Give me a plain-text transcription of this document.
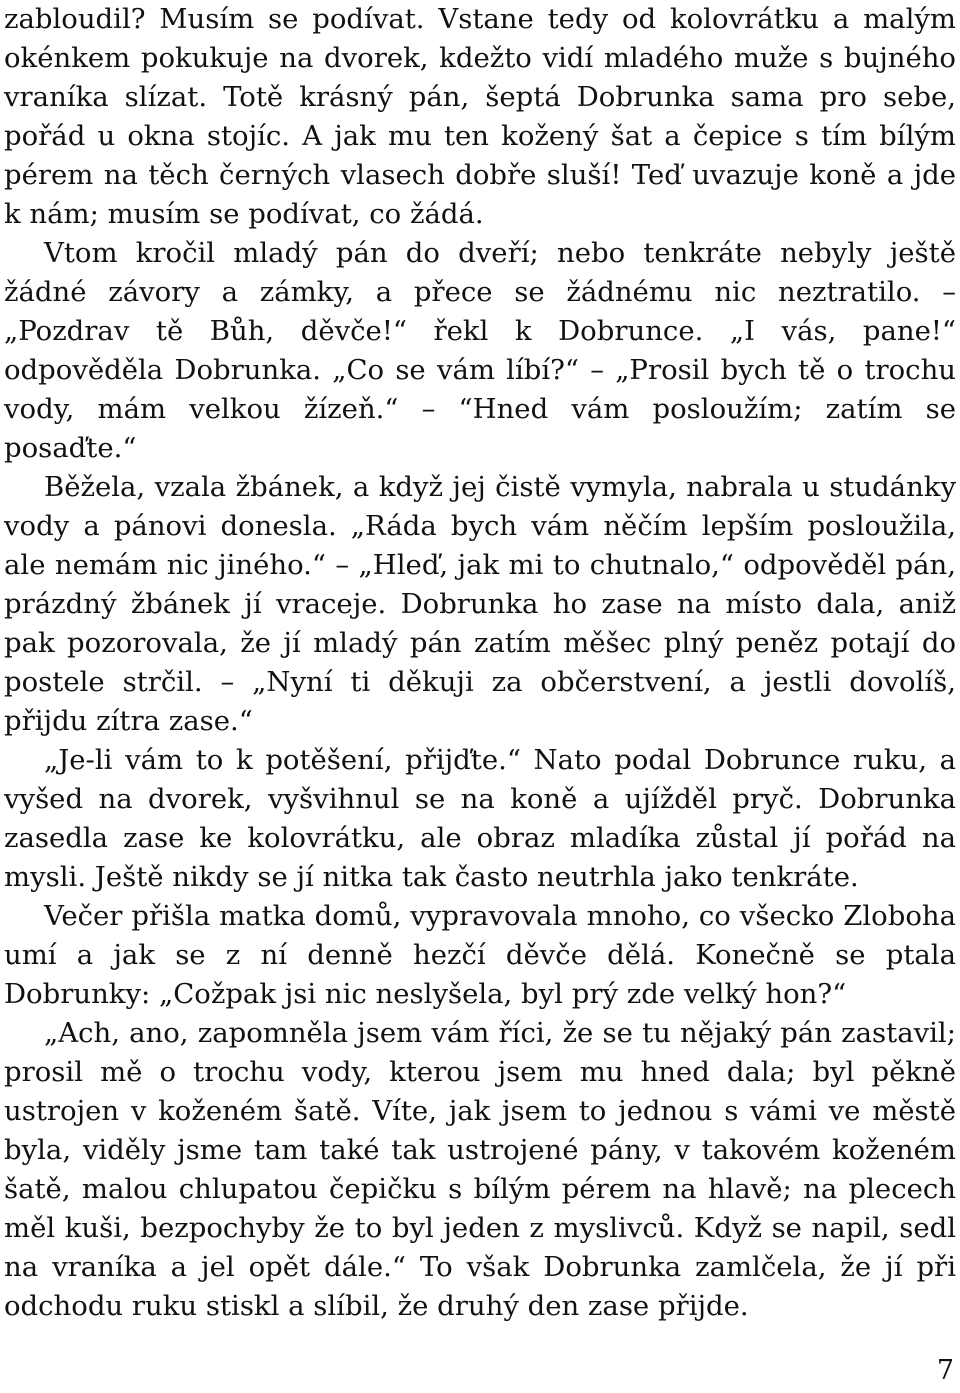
zabloudil? Musím se podívat. Vstane tedy od kolovrátku a malým okénkem pokukuje na dvorek, kdežto vidí mladého muže s bujného vraníka slízat. Totě krásný pán, šeptá Dobrunka sama pro sebe, pořád u okna stojíc. A jak mu ten kožený šat a čepice s tím bílým pérem na těch černých vlasech dobře sluší! Teď uvazuje koně a jde k nám; musím se podívat, co žádá.

Vtom kročil mladý pán do dveří; nebo tenkráte nebyly ještě žádné závory a zámky, a přece se žádnému nic neztratilo. – „Pozdrav tě Bůh, děvče!“ řekl k Dobrunce. „I vás, pane!“ odpověděla Dobrunka. „Co se vám líbí?“ – „Prosil bych tě o trochu vody, mám velkou žízeň.“ – “Hned vám posloužím; zatím se posaďte.“

Běžela, vzala žbánek, a když jej čistě vymyla, nabrala u studánky vody a pánovi donesla. „Ráda bych vám něčím lepším posloužila, ale nemám nic jiného.“ – „Hleď, jak mi to chutnalo,“ odpověděl pán, prázdný žbánek jí vraceje. Dobrunka ho zase na místo dala, aniž pak pozorovala, že jí mladý pán zatím měšec plný peněz potají do postele strčil. – „Nyní ti děkuji za občerstvení, a jestli dovolíš, přijdu zítra zase.“

„Je-li vám to k potěšení, přijďte.“ Nato podal Dobrunce ruku, a vyšed na dvorek, vyšvihnul se na koně a ujížděl pryč. Dobrunka zasedla zase ke kolovrátku, ale obraz mladíka zůstal jí pořád na mysli. Ještě nikdy se jí nitka tak často neutrhla jako tenkráte.

Večer přišla matka domů, vypravovala mnoho, co všecko Zloboha umí a jak se z ní denně hezčí děvče dělá. Konečně se ptala Dobrunky: „Cožpak jsi nic neslyšela, byl prý zde velký hon?“

„Ach, ano, zapomněla jsem vám říci, že se tu nějaký pán zastavil; prosil mě o trochu vody, kterou jsem mu hned dala; byl pěkně ustrojen v koženém šatě. Víte, jak jsem to jednou s vámi ve městě byla, viděly jsme tam také tak ustrojené pány, v takovém koženém šatě, malou chlupatou čepičku s bílým pérem na hlavě; na plecech měl kuši, bezpochyby že to byl jeden z myslivců. Když se napil, sedl na vraníka a jel opět dále.“ To však Dobrunka zamlčela, že jí při odchodu ruku stiskl a slíbil, že druhý den zase přijde.

7
